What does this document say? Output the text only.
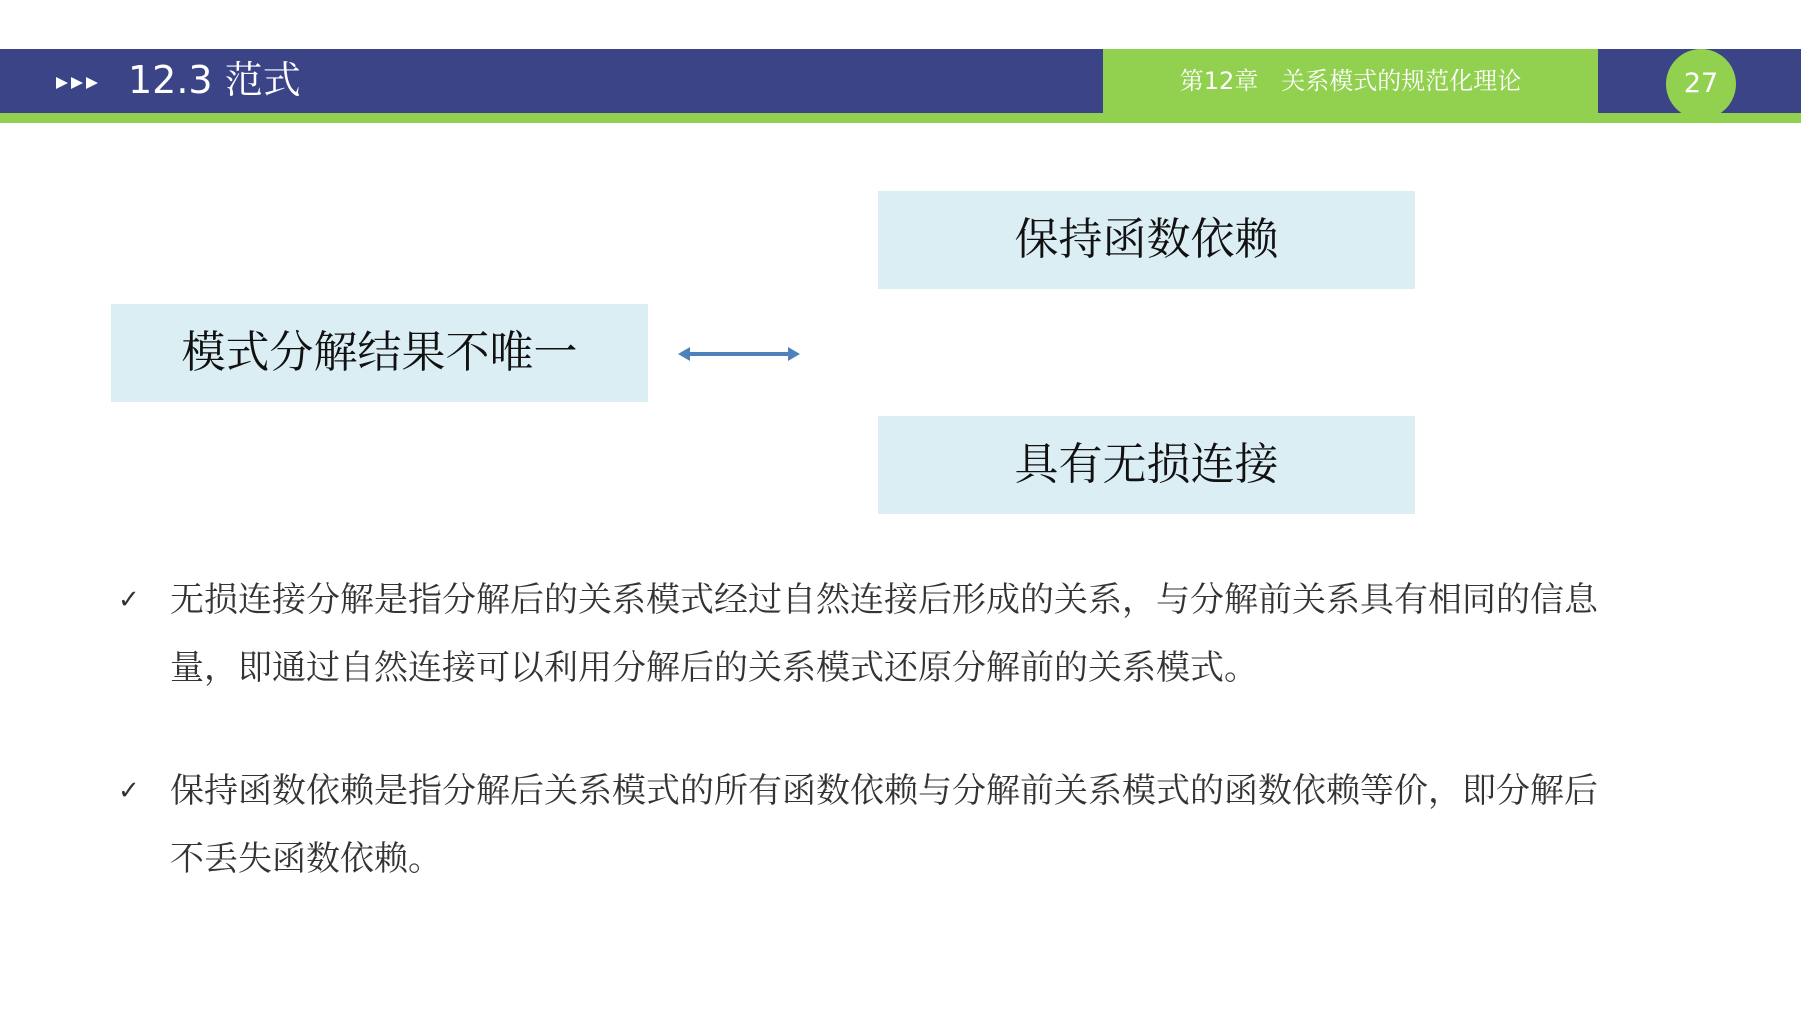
12.3 范式	第12章   关系模式的规范化理论	27
模式分解结果不唯一
保持函数依赖
具有无损连接
✓ 无损连接分解是指分解后的关系模式经过自然连接后形成的关系，与分解前关系具有相同的信息量，即通过自然连接可以利用分解后的关系模式还原分解前的关系模式。
✓ 保持函数依赖是指分解后关系模式的所有函数依赖与分解前关系模式的函数依赖等价，即分解后不丢失函数依赖。
